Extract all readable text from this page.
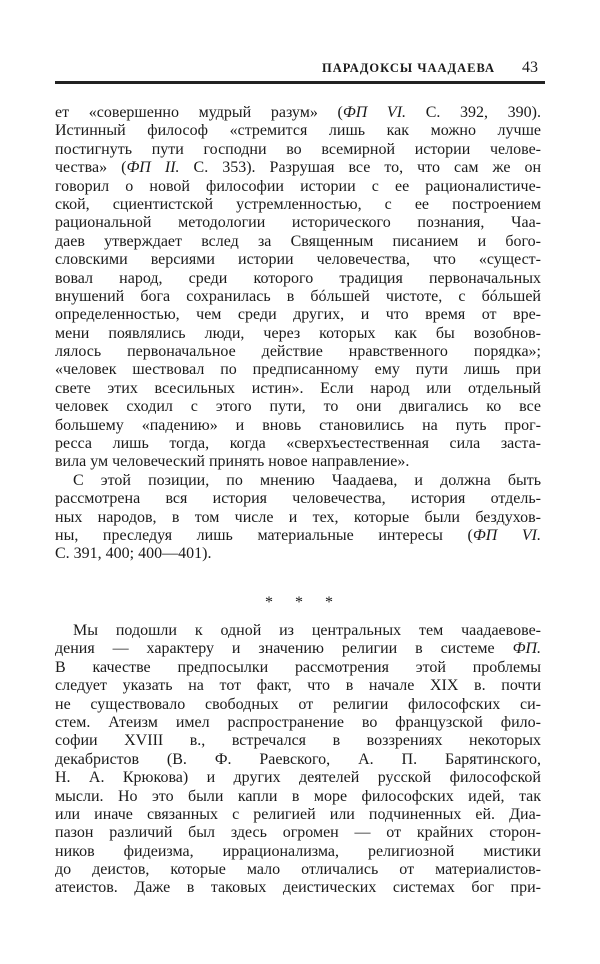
ПАРАДОКСЫ ЧААДАЕВА 43
ет «совершенно мудрый разум» (ФП VI. С. 392, 390).
Истинный философ «стремится лишь как можно лучше
постигнуть пути господни во всемирной истории челове-
чества» (ФП II. С. 353). Разрушая все то, что сам же он
говорил о новой философии истории с ее рационалистиче-
ской, сциентистской устремленностью, с ее построением
рациональной методологии исторического познания, Чаа-
даев утверждает вслед за Священным писанием и бого-
словскими версиями истории человечества, что «сущест-
вовал народ, среди которого традиция первоначальных
внушений бога сохранилась в бóльшей чистоте, с бóльшей
определенностью, чем среди других, и что время от вре-
мени появлялись люди, через которых как бы возобнов-
лялось первоначальное действие нравственного порядка»;
«человек шествовал по предписанному ему пути лишь при
свете этих всесильных истин». Если народ или отдельный
человек сходил с этого пути, то они двигались ко все
большему «падению» и вновь становились на путь прог-
ресса лишь тогда, когда «сверхъестественная сила заста-
вила ум человеческий принять новое направление».
С этой позиции, по мнению Чаадаева, и должна быть
рассмотрена вся история человечества, история отдель-
ных народов, в том числе и тех, которые были бездухов-
ны, преследуя лишь материальные интересы (ФП VI.
С. 391, 400; 400—401).
* * *
Мы подошли к одной из центральных тем чаадаевове-
дения — характеру и значению религии в системе ФП.
В качестве предпосылки рассмотрения этой проблемы
следует указать на тот факт, что в начале XIX в. почти
не существовало свободных от религии философских си-
стем. Атеизм имел распространение во французской фило-
софии XVIII в., встречался в воззрениях некоторых
декабристов (В. Ф. Раевского, А. П. Барятинского,
Н. А. Крюкова) и других деятелей русской философской
мысли. Но это были капли в море философских идей, так
или иначе связанных с религией или подчиненных ей. Диа-
пазон различий был здесь огромен — от крайних сторон-
ников фидеизма, иррационализма, религиозной мистики
до деистов, которые мало отличались от материалистов-
атеистов. Даже в таковых деистических системах бог при-
